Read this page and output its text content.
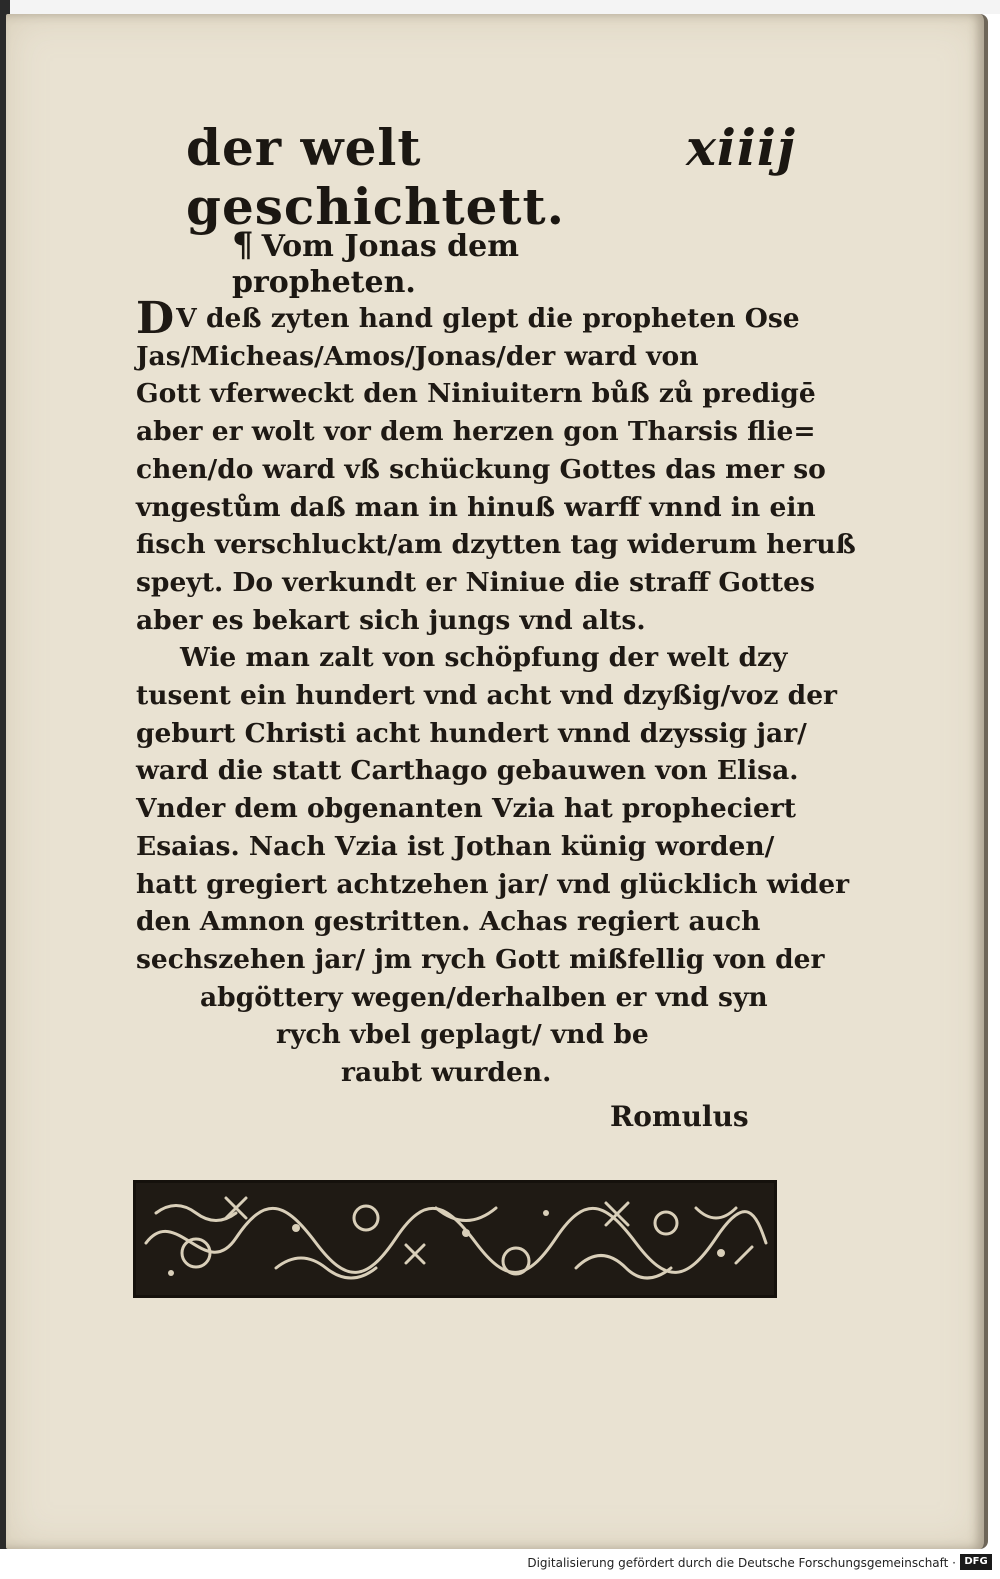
der welt geschichtett.
xiiij
¶ Vom Jonas dem propheten.
DV deß zyten hand glept die propheten Ose
Jas/Micheas/Amos/Jonas/der ward von
Gott vferweckt den Niniuitern bůß zů predigē
aber er wolt vor dem herzen gon Tharsis flie=
chen/do ward vß schückung Gottes das mer so
vngestům daß man in hinuß warff vnnd in ein
fisch verschluckt/am dzytten tag widerum heruß
speyt. Do verkundt er Niniue die straff Gottes
aber es bekart sich jungs vnd alts.
Wie man zalt von schöpfung der welt dzy
tusent ein hundert vnd acht vnd dzyßig/voz der
geburt Christi acht hundert vnnd dzyssig jar/
ward die statt Carthago gebauwen von Elisa.
Vnder dem obgenanten Vzia hat propheciert
Esaias. Nach Vzia ist Jothan künig worden/
hatt gregiert achtzehen jar/ vnd glücklich wider
den Amnon gestritten. Achas regiert auch
sechszehen jar/ jm rych Gott mißfellig von der
abgöttery wegen/derhalben er vnd syn
rych vbel geplagt/ vnd be
raubt wurden.
Romulus
Digitalisierung gefördert durch die Deutsche Forschungsgemeinschaft · DFG
